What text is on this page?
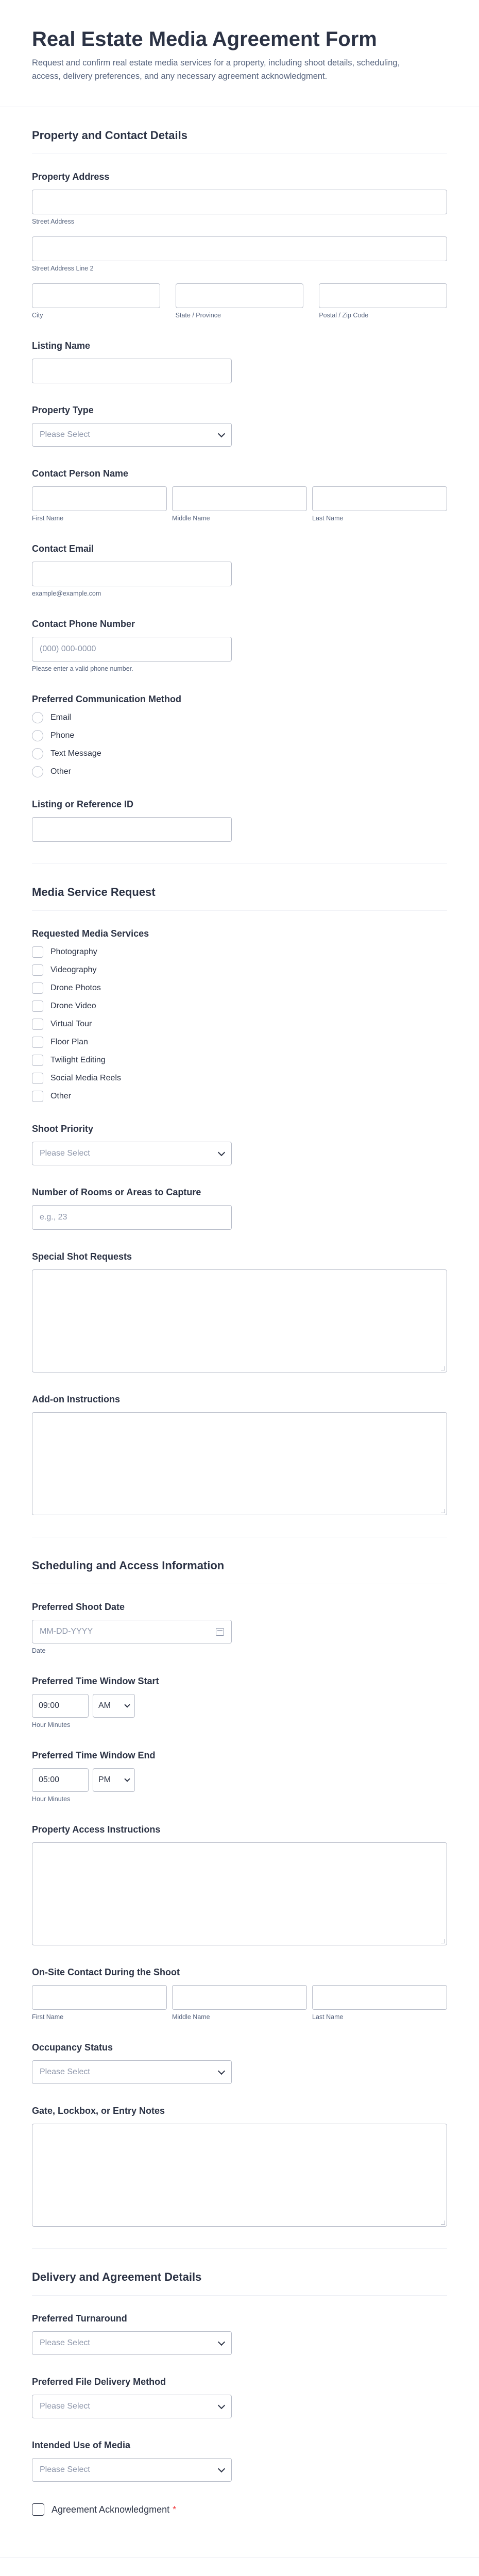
Real Estate Media Agreement Form

Request and confirm real estate media services for a property, including shoot details, scheduling, access, delivery preferences, and any necessary agreement acknowledgment.

Property and Contact Details
Property Address
Street Address
Street Address Line 2
City	State / Province	Postal / Zip Code
Listing Name
Property Type
Please Select
Contact Person Name
First Name	Middle Name	Last Name
Contact Email
example@example.com
Contact Phone Number
(000) 000-0000
Please enter a valid phone number.
Preferred Communication Method
Email
Phone
Text Message
Other
Listing or Reference ID
Media Service Request
Requested Media Services
Photography
Videography
Drone Photos
Drone Video
Virtual Tour
Floor Plan
Twilight Editing
Social Media Reels
Other
Shoot Priority
Please Select
Number of Rooms or Areas to Capture
e.g., 23
Special Shot Requests
Add-on Instructions
Scheduling and Access Information
Preferred Shoot Date
MM-DD-YYYY
Date
Preferred Time Window Start
09:00	AM
Hour Minutes
Preferred Time Window End
05:00	PM
Hour Minutes
Property Access Instructions
On-Site Contact During the Shoot
First Name	Middle Name	Last Name
Occupancy Status
Please Select
Gate, Lockbox, or Entry Notes
Delivery and Agreement Details
Preferred Turnaround
Please Select
Preferred File Delivery Method
Please Select
Intended Use of Media
Please Select
Agreement Acknowledgment *
